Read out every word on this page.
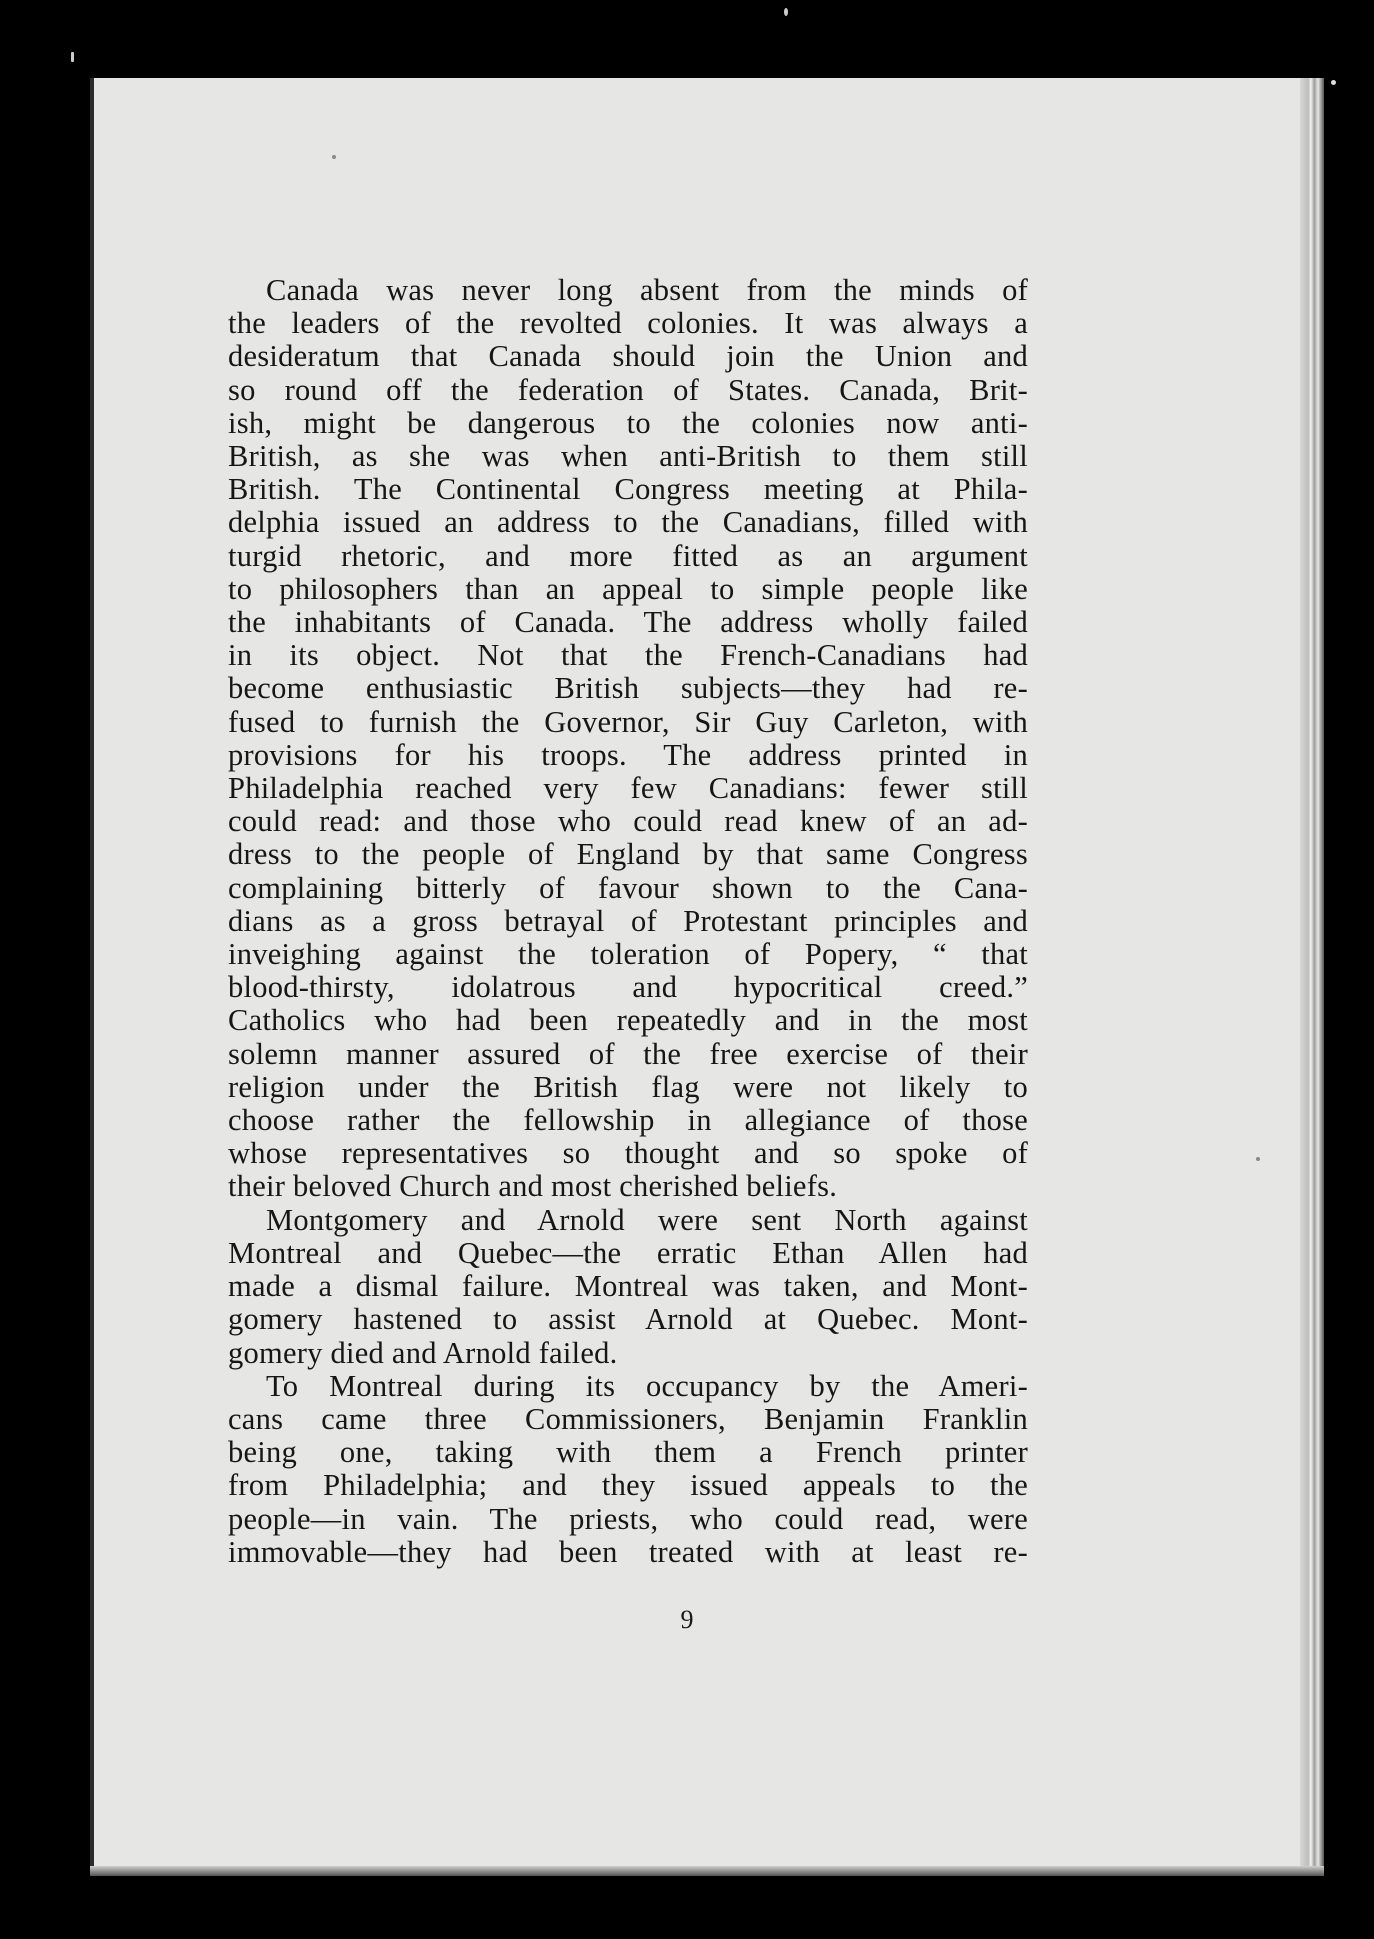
Canada was never long absent from the minds of
the leaders of the revolted colonies. It was always a
desideratum that Canada should join the Union and
so round off the federation of States. Canada, Brit-
ish, might be dangerous to the colonies now anti-
British, as she was when anti-British to them still
British. The Continental Congress meeting at Phila-
delphia issued an address to the Canadians, filled with
turgid rhetoric, and more fitted as an argument
to philosophers than an appeal to simple people like
the inhabitants of Canada. The address wholly failed
in its object. Not that the French-Canadians had
become enthusiastic British subjects—they had re-
fused to furnish the Governor, Sir Guy Carleton, with
provisions for his troops. The address printed in
Philadelphia reached very few Canadians: fewer still
could read: and those who could read knew of an ad-
dress to the people of England by that same Congress
complaining bitterly of favour shown to the Cana-
dians as a gross betrayal of Protestant principles and
inveighing against the toleration of Popery, “ that
blood-thirsty, idolatrous and hypocritical creed.”
Catholics who had been repeatedly and in the most
solemn manner assured of the free exercise of their
religion under the British flag were not likely to
choose rather the fellowship in allegiance of those
whose representatives so thought and so spoke of
their beloved Church and most cherished beliefs.

Montgomery and Arnold were sent North against
Montreal and Quebec—the erratic Ethan Allen had
made a dismal failure. Montreal was taken, and Mont-
gomery hastened to assist Arnold at Quebec. Mont-
gomery died and Arnold failed.

To Montreal during its occupancy by the Ameri-
cans came three Commissioners, Benjamin Franklin
being one, taking with them a French printer
from Philadelphia; and they issued appeals to the
people—in vain. The priests, who could read, were
immovable—they had been treated with at least re-

9
